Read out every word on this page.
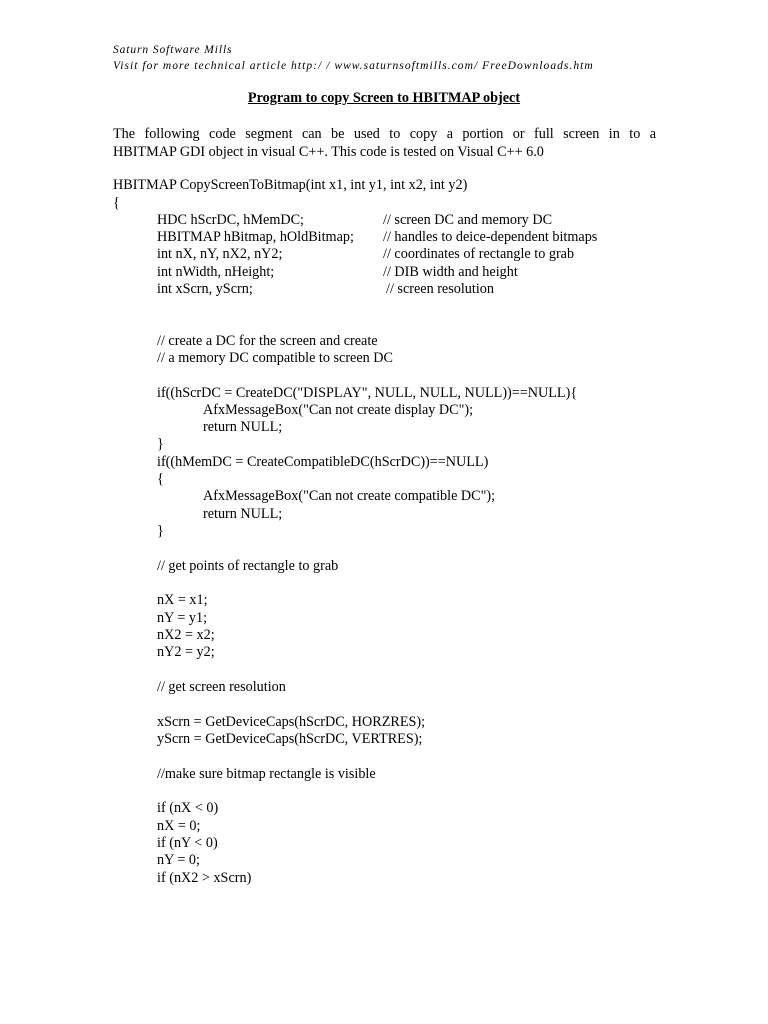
Saturn Software Mills
Visit for more technical article http:/ / www.saturnsoftmills.com/ FreeDownloads.htm
Program to copy Screen to HBITMAP object
The following code segment can be used to copy a portion or full screen in to a
HBITMAP GDI object in visual C++. This code is tested on Visual C++ 6.0
HBITMAP CopyScreenToBitmap(int x1, int y1, int x2, int y2)
{
HDC hScrDC, hMemDC;	// screen DC and memory DC
HBITMAP hBitmap, hOldBitmap; // handles to deice-dependent bitmaps
int nX, nY, nX2, nY2;	// coordinates of rectangle to grab
int nWidth, nHeight;	// DIB width and height
int xScrn, yScrn;	// screen resolution
// create a DC for the screen and create
// a memory DC compatible to screen DC
if((hScrDC = CreateDC("DISPLAY", NULL, NULL, NULL))==NULL){
AfxMessageBox("Can not create display DC");
return NULL;
}
if((hMemDC = CreateCompatibleDC(hScrDC))==NULL)
{
AfxMessageBox("Can not create compatible DC");
return NULL;
}
// get points of rectangle to grab
nX = x1;
nY = y1;
nX2 = x2;
nY2 = y2;
// get screen resolution
xScrn = GetDeviceCaps(hScrDC, HORZRES);
yScrn = GetDeviceCaps(hScrDC, VERTRES);
//make sure bitmap rectangle is visible
if (nX < 0)
nX = 0;
if (nY < 0)
nY = 0;
if (nX2 > xScrn)
